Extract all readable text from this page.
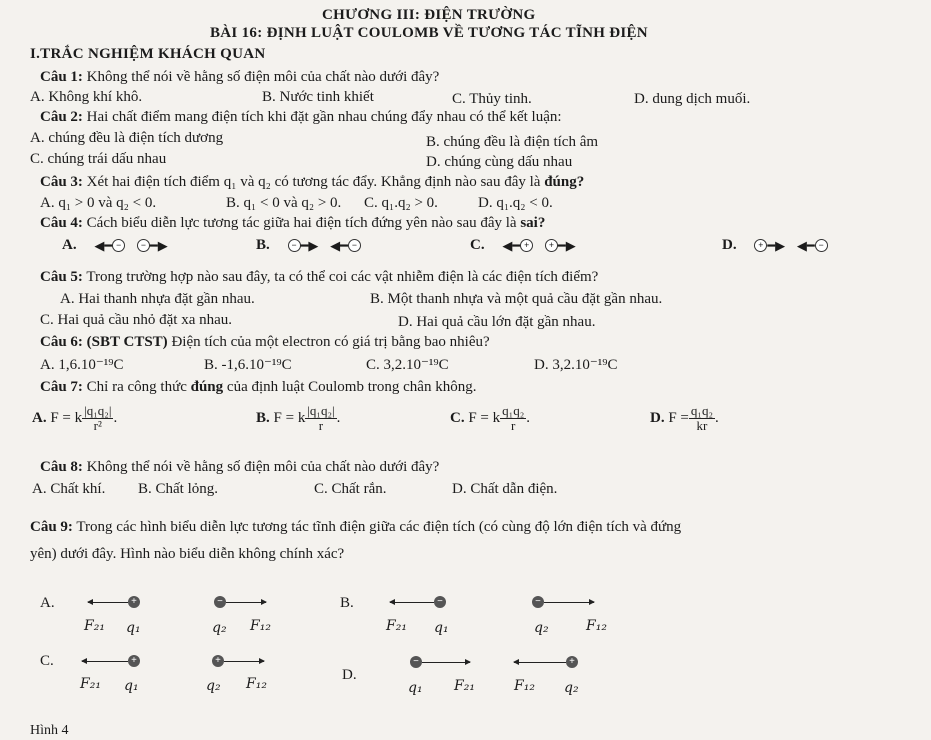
CHƯƠNG III: ĐIỆN TRƯỜNG
BÀI 16: ĐỊNH LUẬT COULOMB VỀ TƯƠNG TÁC TĨNH ĐIỆN
I.TRẮC NGHIỆM KHÁCH QUAN
Câu 1: Không thể nói về hằng số điện môi của chất nào dưới đây?
A. Không khí khô.	B. Nước tinh khiết	C. Thủy tinh.	D. dung dịch muối.
Câu 2: Hai chất điểm mang điện tích khi đặt gần nhau chúng đẩy nhau có thể kết luận:
A. chúng đều là điện tích dương	B. chúng đều là điện tích âm
C. chúng trái dấu nhau	D. chúng cùng dấu nhau
Câu 3: Xét hai điện tích điểm q₁ và q₂ có tương tác đẩy. Khẳng định nào sau đây là đúng?
A. q₁ > 0 và q₂ < 0.	B. q₁ < 0 và q₂ > 0. C. q₁.q₂ > 0.	D. q₁.q₂ < 0.
Câu 4: Cách biểu diễn lực tương tác giữa hai điện tích đứng yên nào sau đây là sai?
A. ◀━ − − ━▶	B. − ━▶ ◀━ −	C. ◀━ + + ━▶	D. + ━▶ ◀━ −
Câu 5: Trong trường hợp nào sau đây, ta có thể coi các vật nhiễm điện là các điện tích điểm?
A. Hai thanh nhựa đặt gần nhau.	B. Một thanh nhựa và một quả cầu đặt gần nhau.
C. Hai quả cầu nhỏ đặt xa nhau.	D. Hai quả cầu lớn đặt gần nhau.
Câu 6: (SBT CTST) Điện tích của một electron có giá trị bằng bao nhiêu?
A. 1,6.10⁻¹⁹C	B. -1,6.10⁻¹⁹C	C. 3,2.10⁻¹⁹C	D. 3,2.10⁻¹⁹C
Câu 7: Chỉ ra công thức đúng của định luật Coulomb trong chân không.
A. F = k $\frac{\text{|q₁q₂|}}{\text{r²}}$ .	B. F = k $\frac{\text{|q₁q₂|}}{r}$ .	C. F = k $\frac{\text{q₁q₂}}{r}$ .	D. $F = \frac{\text{q₁q₂}}{kr}$ .
Câu 8: Không thể nói về hằng số điện môi của chất nào dưới đây?
A. Chất khí. B. Chất lỏng.	C. Chất rắn.	D. Chất dẫn điện.
Câu 9: Trong các hình biểu diễn lực tương tác tĩnh điện giữa các điện tích (có cùng độ lớn điện tích và đứng
yên) dưới đây. Hình nào biểu diễn không chính xác?
A.	+
F₂₁ q₁
−
q₂ F₁₂
B.	−
F₂₁ q₁
−
q₂	F₁₂
C.	+
F₂₁ q₁
+
q₂ F₁₂
D.
−
q₁ F₂₁
+
F₁₂ q₂
Hình 4
